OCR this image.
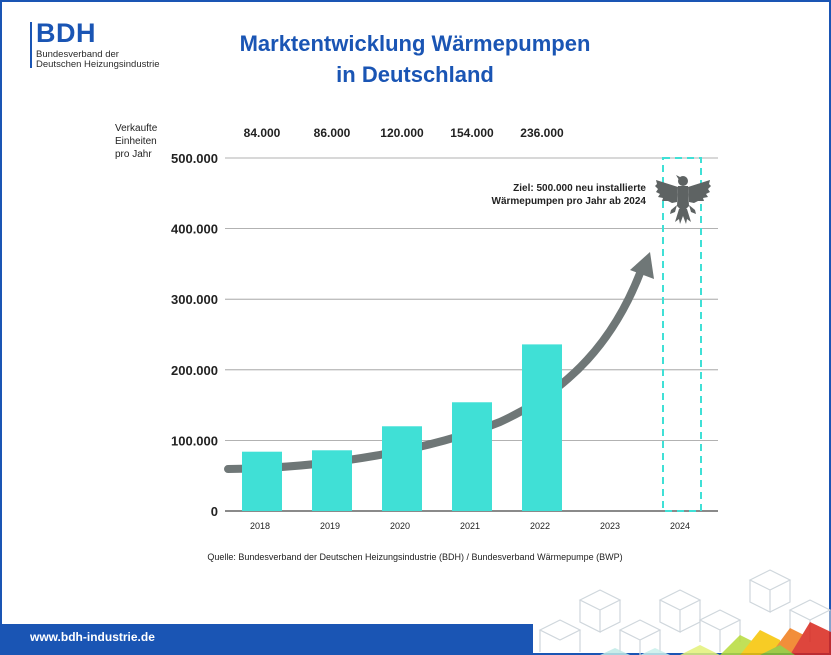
BDH
Bundesverband der
Deutschen Heizungsindustrie
Marktentwicklung Wärmepumpen
in Deutschland
Verkaufte
Einheiten
pro Jahr
0
100.000
200.000
300.000
400.000
500.000
Ziel: 500.000 neu installierte
Wärmepumpen pro Jahr ab 2024
84.000	86.000 120.000 154.000 236.000
2018	2019	2020	2021	2022	2023	2024
Quelle: Bundesverband der Deutschen Heizungsindustrie (BDH) / Bundesverband Wärmepumpe (BWP)
www.bdh-industrie.de
